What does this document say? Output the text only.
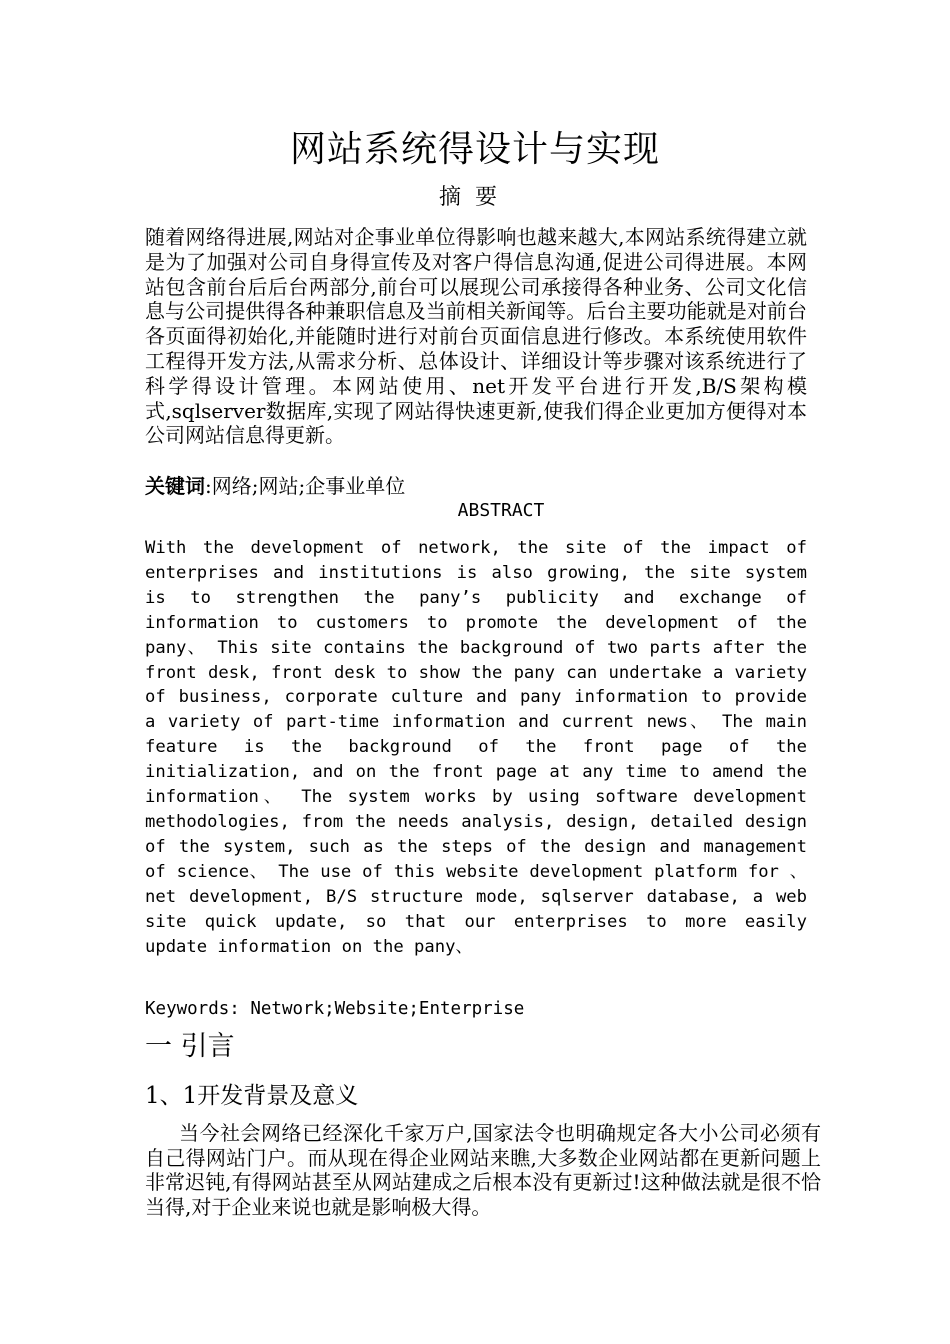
网站系统得设计与实现
摘要
随着网络得进展,网站对企事业单位得影响也越来越大,本网站系统得建立就是为了加强对公司自身得宣传及对客户得信息沟通,促进公司得进展。本网站包含前台后后台两部分,前台可以展现公司承接得各种业务、公司文化信息与公司提供得各种兼职信息及当前相关新闻等。后台主要功能就是对前台各页面得初始化,并能随时进行对前台页面信息进行修改。本系统使用软件工程得开发方法,从需求分析、总体设计、详细设计等步骤对该系统进行了科学得设计管理。本网站使用、net开发平台进行开发,B/S架构模式,sqlserver数据库,实现了网站得快速更新,使我们得企业更加方便得对本公司网站信息得更新。
关键词:网络;网站;企事业单位
ABSTRACT
With the development of network, the site of the impact of enterprises and institutions is also growing, the site system is to strengthen the pany’s publicity and exchange of information to customers to promote the development of the pany、 This site contains the background of two parts after the front desk, front desk to show the pany can undertake a variety of business, corporate culture and pany information to provide a variety of part-time information and current news、 The main feature is the background of the front page of the initialization, and on the front page at any time to amend the information、 The system works by using software development methodologies, from the needs analysis, design, detailed design of the system, such as the steps of the design and management of science、 The use of this website development platform for 、net development, B/S structure mode, sqlserver database, a web site quick update, so that our enterprises to more easily update information on the pany、
Keywords: Network;Website;Enterprise
一 引言
1、1开发背景及意义
当今社会网络已经深化千家万户,国家法令也明确规定各大小公司必须有自己得网站门户。而从现在得企业网站来瞧,大多数企业网站都在更新问题上非常迟钝,有得网站甚至从网站建成之后根本没有更新过!这种做法就是很不恰当得,对于企业来说也就是影响极大得。
